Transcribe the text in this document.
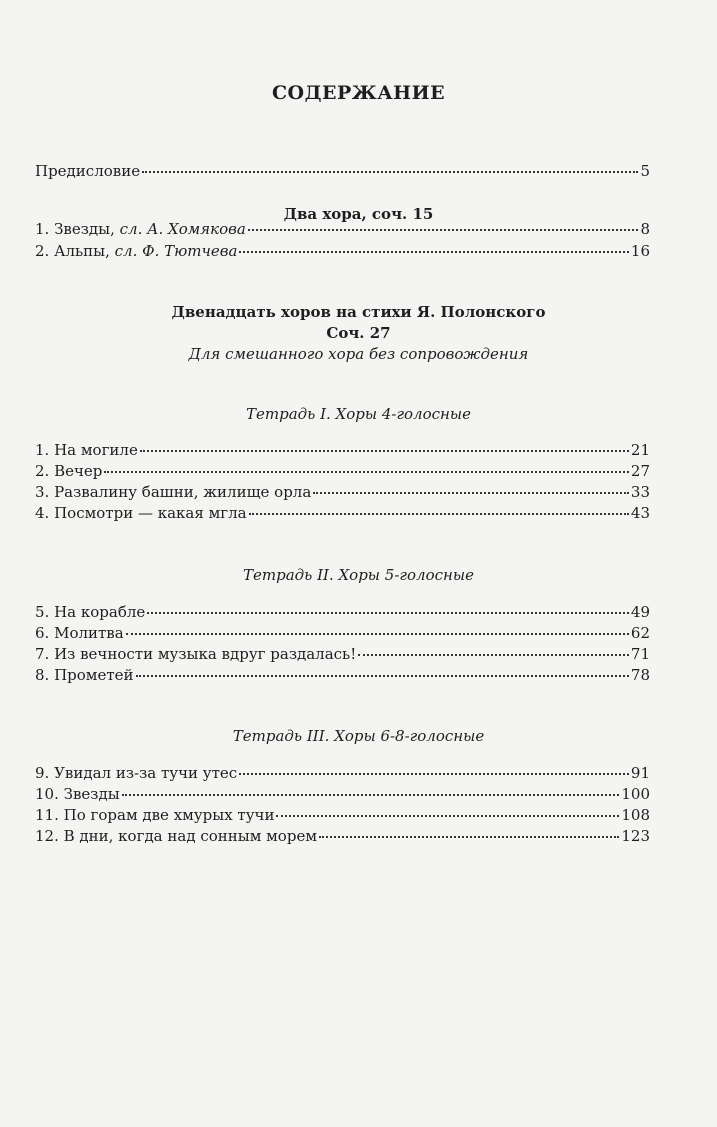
СОДЕРЖАНИЕ
Предисловие	5
Два хора, соч. 15
1. Звезды, сл. А. Хомякова	8
2. Альпы, сл. Ф. Тютчева	16
Двенадцать хоров на стихи Я. Полонского
Соч. 27
Для смешанного хора без сопровождения
Тетрадь I. Хоры 4-голосные
1. На могиле	21
2. Вечер	27
3. Развалину башни, жилище орла	33
4. Посмотри — какая мгла	43
Тетрадь II. Хоры 5-голосные
5. На корабле	49
6. Молитва	62
7. Из вечности музыка вдруг раздалась!	71
8. Прометей	78
Тетрадь III. Хоры 6-8-голосные
9. Увидал из-за тучи утес	91
10. Звезды	100
11. По горам две хмурых тучи	108
12. В дни, когда над сонным морем	123
